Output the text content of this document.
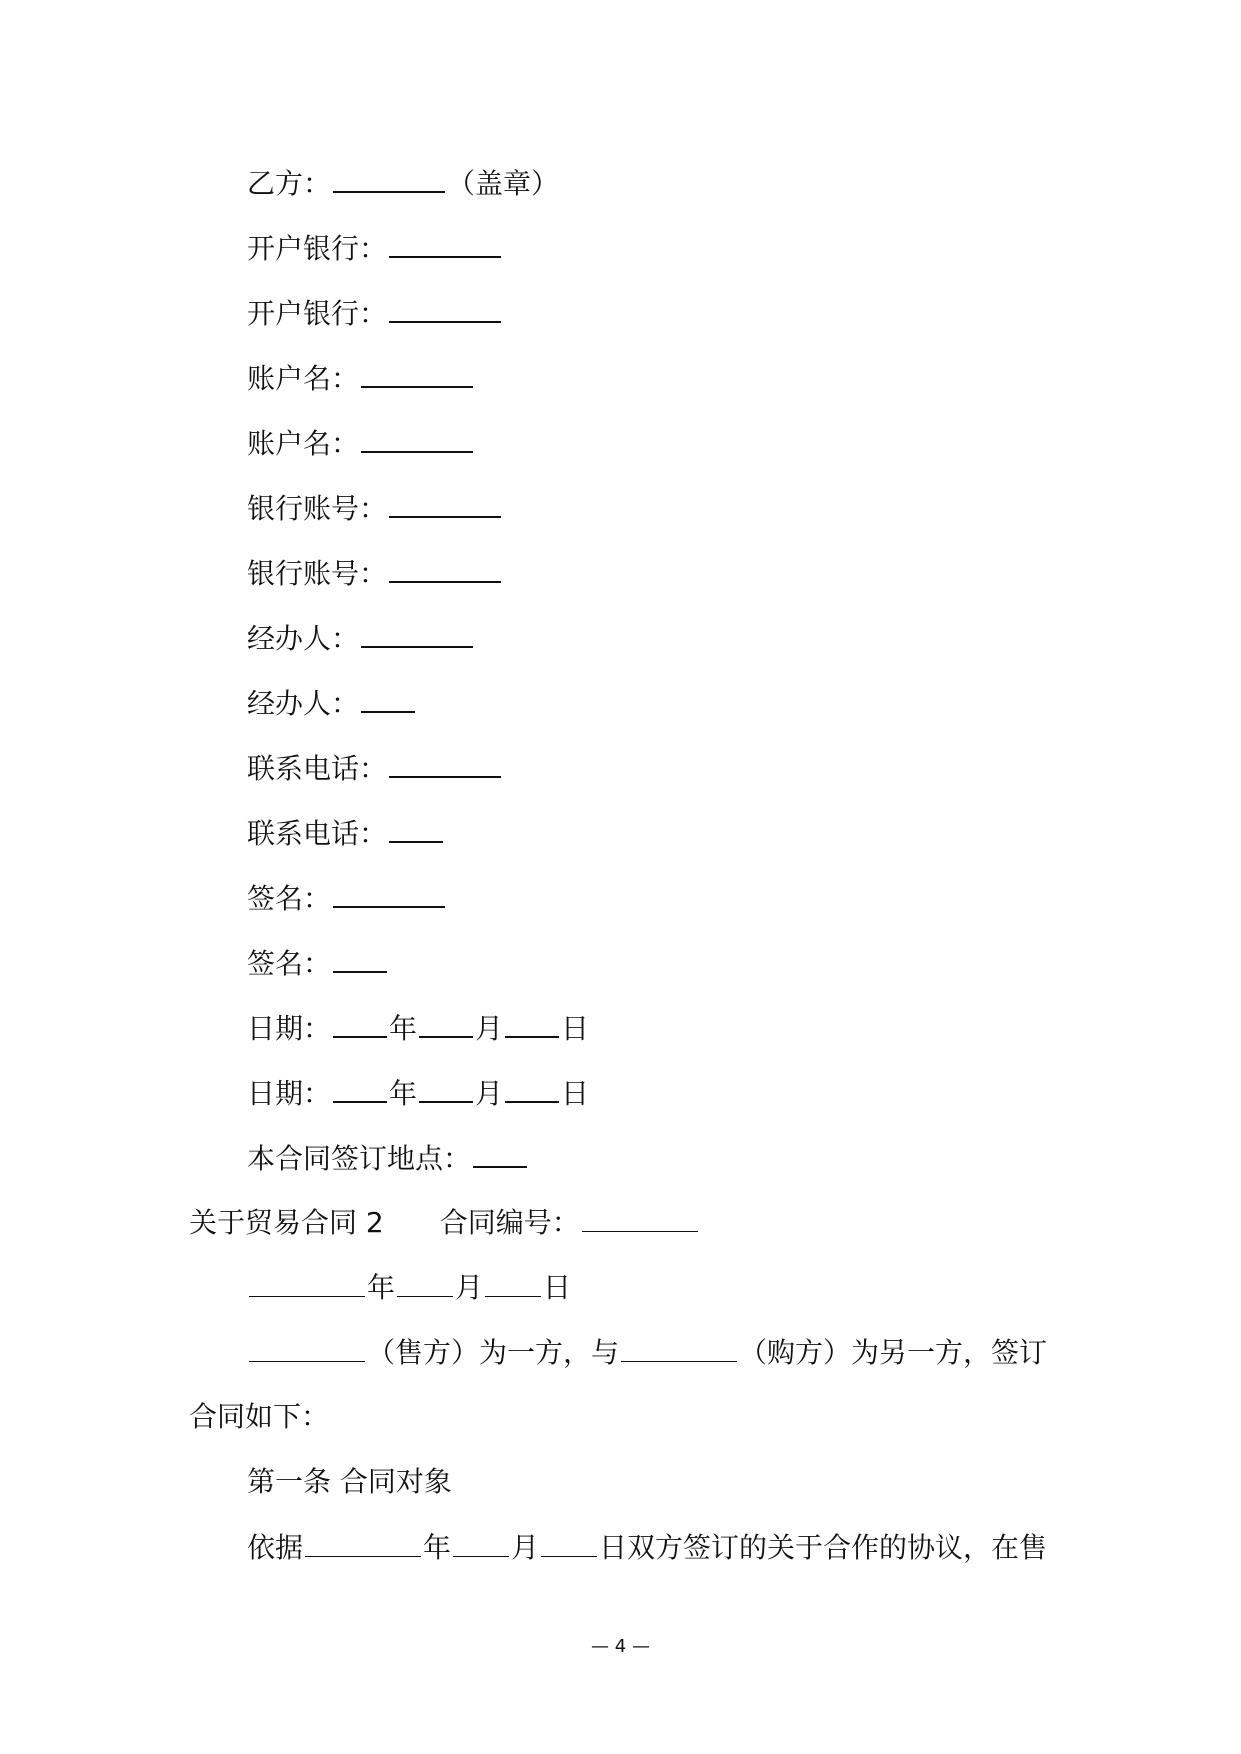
乙方：	（盖章）
开户银行：
开户银行：
账户名：
账户名：
银行账号：
银行账号：
经办人：
经办人：
联系电话：
联系电话：
签名：
签名：
日期： 年 月 日
日期： 年 月 日
本合同签订地点：
关于贸易合同 2 合同编号：
年 月 日
（售方）为一方，与	（购方）为另一方，签订
合同如下：
第一条 合同对象
依据	年 月 日双方签订的关于合作的协议，在售
— 4 —
